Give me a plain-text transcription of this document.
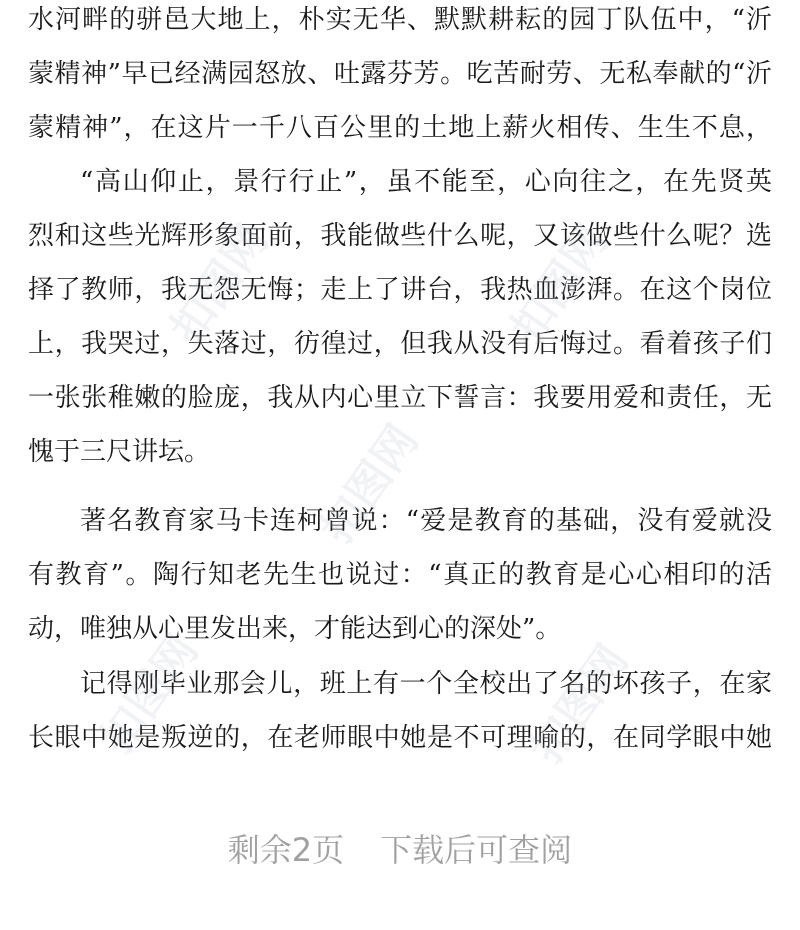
水河畔的骈邑大地上，朴实无华、默默耕耘的园丁队伍中，“沂
蒙精神”早已经满园怒放、吐露芬芳。吃苦耐劳、无私奉献的“沂
蒙精神”，在这片一千八百公里的土地上薪火相传、生生不息，
“高山仰止，景行行止”，虽不能至，心向往之，在先贤英
烈和这些光辉形象面前，我能做些什么呢，又该做些什么呢？选
择了教师，我无怨无悔；走上了讲台，我热血澎湃。在这个岗位
上，我哭过，失落过，彷徨过，但我从没有后悔过。看着孩子们
一张张稚嫩的脸庞，我从内心里立下誓言：我要用爱和责任，无
愧于三尺讲坛。
著名教育家马卡连柯曾说：“爱是教育的基础，没有爱就没
有教育”。陶行知老先生也说过：“真正的教育是心心相印的活
动，唯独从心里发出来，才能达到心的深处”。
记得刚毕业那会儿，班上有一个全校出了名的坏孩子，在家
长眼中她是叛逆的，在老师眼中她是不可理喻的，在同学眼中她
扣图网	扣图网
扣图网
扣图网	扣图网
剩余2页 下载后可查阅
